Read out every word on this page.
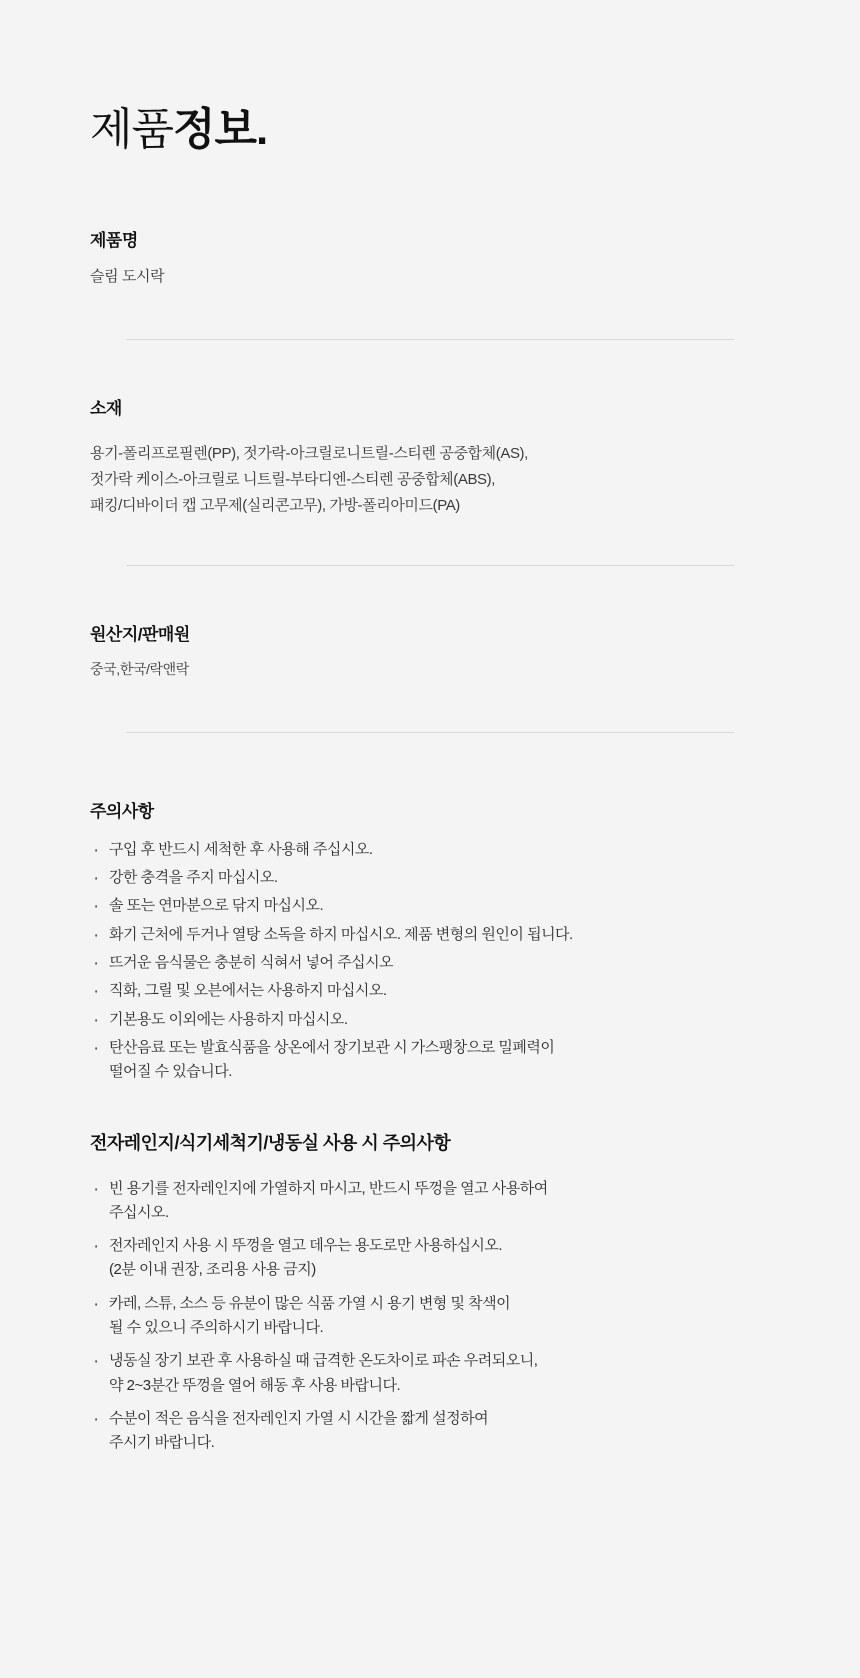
제품정보.
제품명

슬림 도시락

소재
용기-폴리프로필렌(PP), 젓가락-아크릴로니트릴-스티렌 공중합체(AS),
젓가락 케이스-아크릴로 니트릴-부타디엔-스티렌 공중합체(ABS),
패킹/디바이더 캡 고무제(실리콘고무), 가방-폴리아미드(PA)
원산지/판매원

중국,한국/락앤락

주의사항
· 구입 후 반드시 세척한 후 사용해 주십시오.
· 강한 충격을 주지 마십시오.
· 솔 또는 연마분으로 닦지 마십시오.
· 화기 근처에 두거나 열탕 소독을 하지 마십시오. 제품 변형의 원인이 됩니다.
· 뜨거운 음식물은 충분히 식혀서 넣어 주십시오
· 직화, 그릴 및 오븐에서는 사용하지 마십시오.
· 기본용도 이외에는 사용하지 마십시오.
· 탄산음료 또는 발효식품을 상온에서 장기보관 시 가스팽창으로 밀폐력이
떨어질 수 있습니다.
전자레인지/식기세척기/냉동실 사용 시 주의사항
· 빈 용기를 전자레인지에 가열하지 마시고, 반드시 뚜껑을 열고 사용하여
주십시오.
· 전자레인지 사용 시 뚜껑을 열고 데우는 용도로만 사용하십시오.
(2분 이내 권장, 조리용 사용 금지)
· 카레, 스튜, 소스 등 유분이 많은 식품 가열 시 용기 변형 및 착색이
될 수 있으니 주의하시기 바랍니다.
· 냉동실 장기 보관 후 사용하실 때 급격한 온도차이로 파손 우려되오니,
약 2~3분간 뚜껑을 열어 해동 후 사용 바랍니다.
· 수분이 적은 음식을 전자레인지 가열 시 시간을 짧게 설정하여
주시기 바랍니다.
